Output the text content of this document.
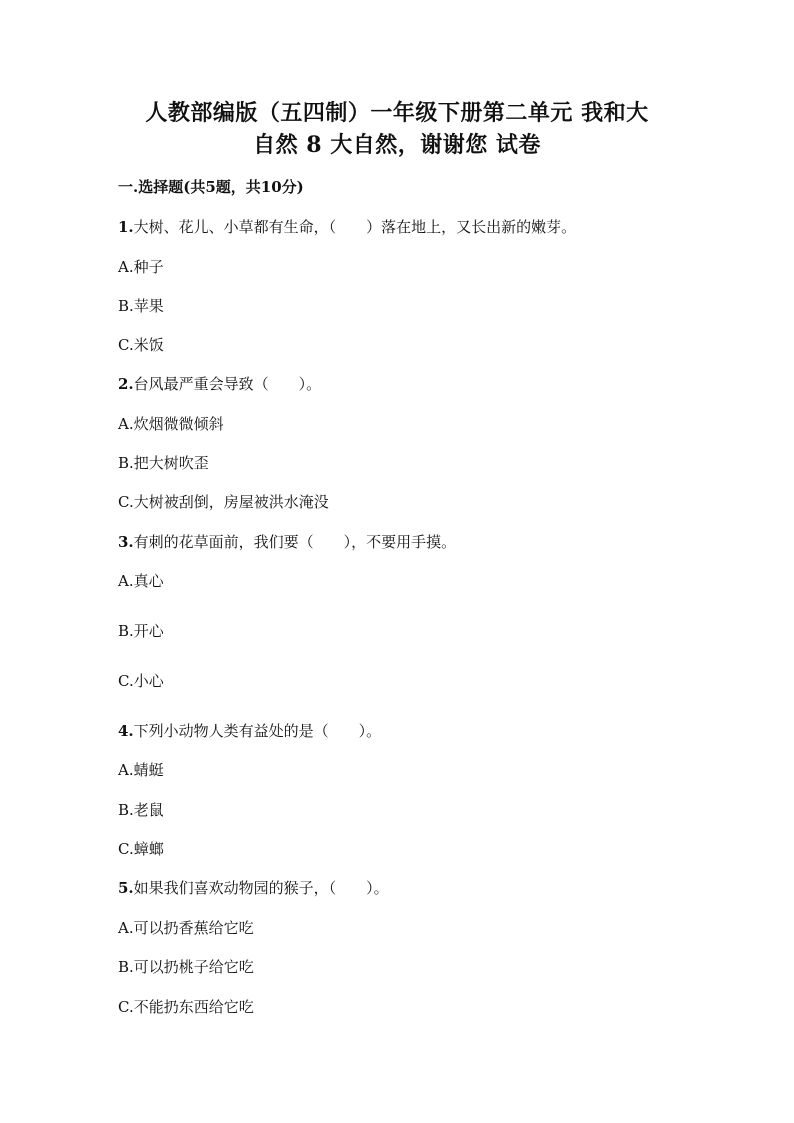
人教部编版（五四制）一年级下册第二单元 我和大
自然 8 大自然，谢谢您 试卷
一.选择题(共5题，共10分)
1.大树、花儿、小草都有生命，（　　）落在地上，又长出新的嫩芽。
A.种子
B.苹果
C.米饭
2.台风最严重会导致（　　）。
A.炊烟微微倾斜
B.把大树吹歪
C.大树被刮倒，房屋被洪水淹没
3.有刺的花草面前，我们要（　　），不要用手摸。
A.真心
B.开心
C.小心
4.下列小动物人类有益处的是（　　）。
A.蜻蜓
B.老鼠
C.蟑螂
5.如果我们喜欢动物园的猴子，（　　）。
A.可以扔香蕉给它吃
B.可以扔桃子给它吃
C.不能扔东西给它吃
